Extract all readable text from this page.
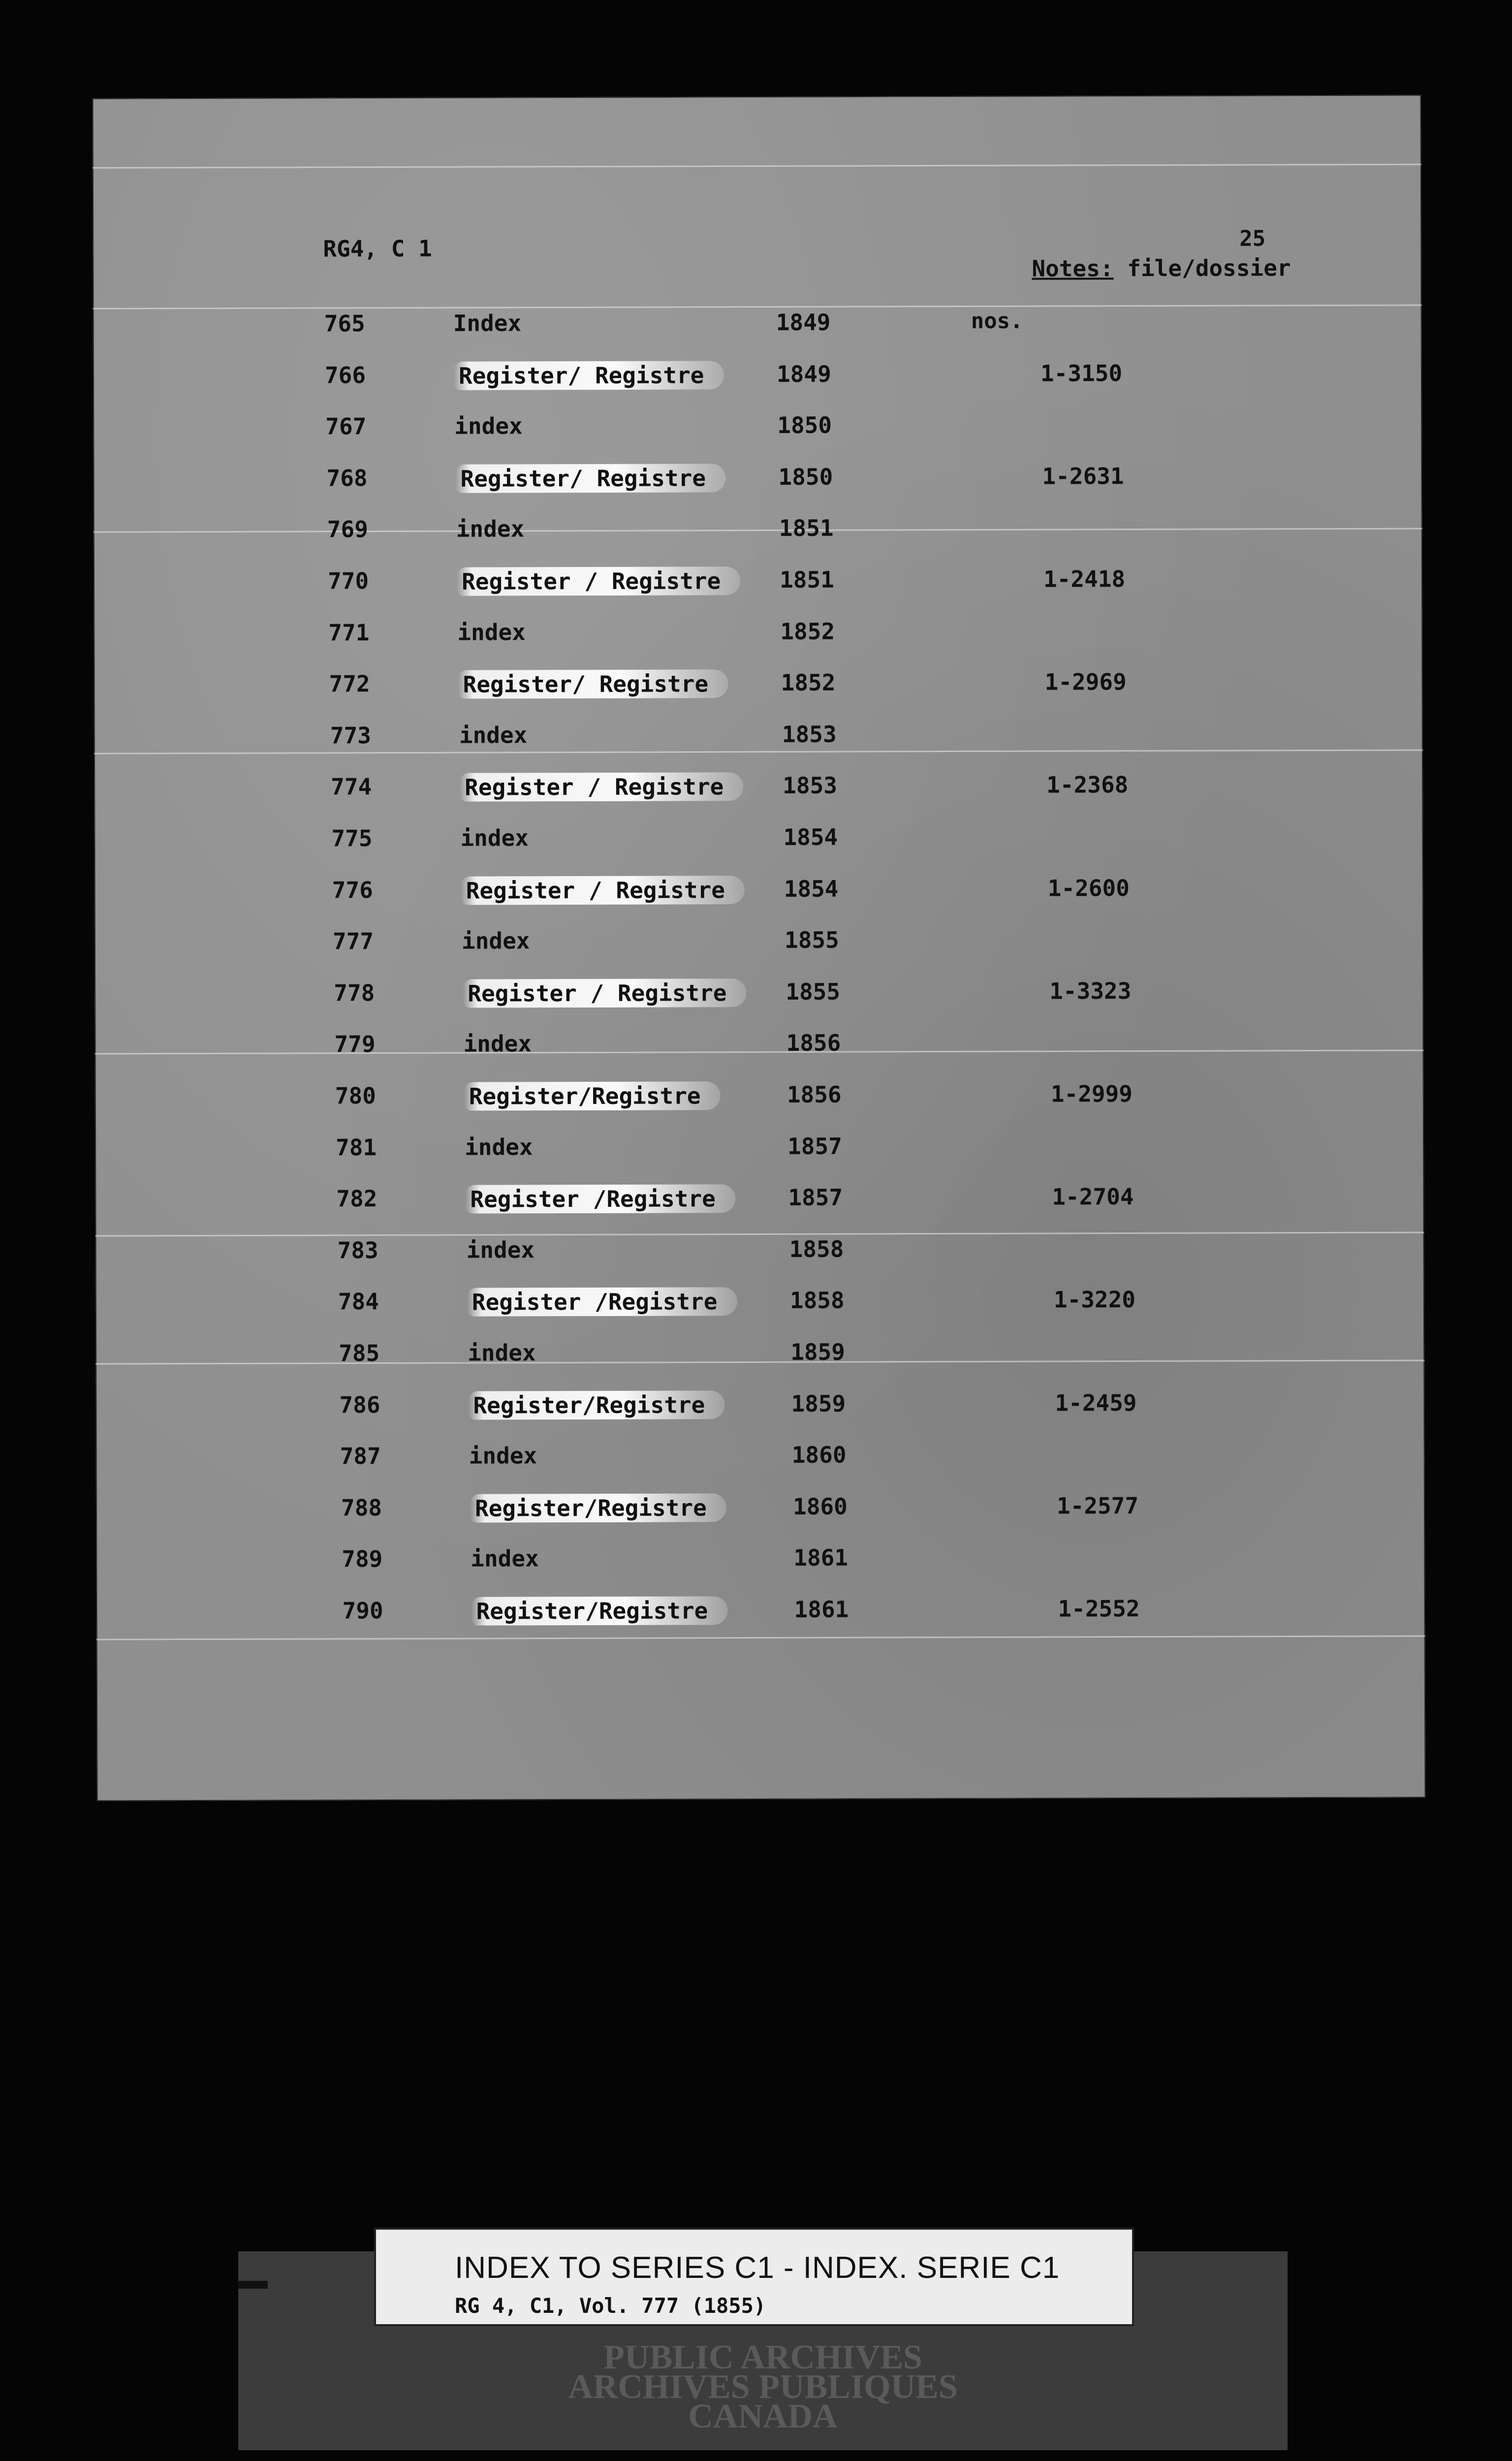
RG4, C 1	25
Notes: file/dossier
nos.
765	Index	1849
766	Register/ Registre	1849	1-3150
767	index	1850
768	Register/ Registre	1850	1-2631
769	index	1851
770	Register / Registre	1851	1-2418
771	index	1852
772	Register/ Registre	1852	1-2969
773	index	1853
774	Register / Registre	1853	1-2368
775	index	1854
776	Register / Registre	1854	1-2600
777	index	1855
778	Register / Registre	1855	1-3323
779	index	1856
780	Register/Registre	1856	1-2999
781	index	1857
782	Register /Registre	1857	1-2704
783	index	1858
784	Register /Registre	1858	1-3220
785	index	1859
786	Register/Registre	1859	1-2459
787	index	1860
788	Register/Registre	1860	1-2577
789	index	1861
790	Register/Registre	1861	1-2552
INDEX TO SERIES C1 - INDEX. SERIE C1
RG 4, C1, Vol. 777 (1855)
PUBLIC ARCHIVES
ARCHIVES PUBLIQUES
CANADA
